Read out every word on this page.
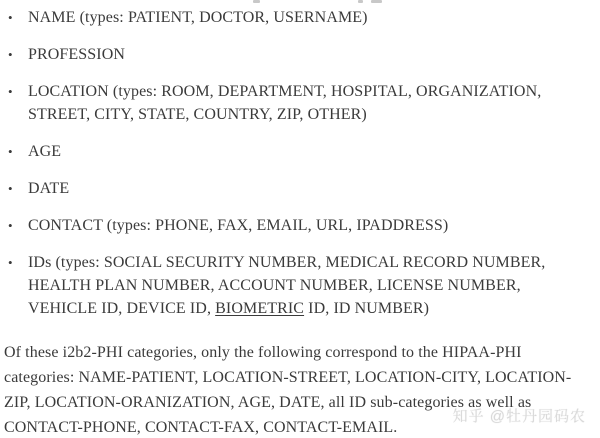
• NAME (types: PATIENT, DOCTOR, USERNAME)
• PROFESSION
• LOCATION (types: ROOM, DEPARTMENT, HOSPITAL, ORGANIZATION,
STREET, CITY, STATE, COUNTRY, ZIP, OTHER)
• AGE
• DATE
• CONTACT (types: PHONE, FAX, EMAIL, URL, IPADDRESS)
• IDs (types: SOCIAL SECURITY NUMBER, MEDICAL RECORD NUMBER,
HEALTH PLAN NUMBER, ACCOUNT NUMBER, LICENSE NUMBER,
VEHICLE ID, DEVICE ID, BIOMETRIC ID, ID NUMBER)
Of these i2b2-PHI categories, only the following correspond to the HIPAA-PHI
categories: NAME-PATIENT, LOCATION-STREET, LOCATION-CITY, LOCATION-
ZIP, LOCATION-ORANIZATION, AGE, DATE, all ID sub-categories as well as
CONTACT-PHONE, CONTACT-FAX, CONTACT-EMAIL.
知乎 @牡丹园码农
